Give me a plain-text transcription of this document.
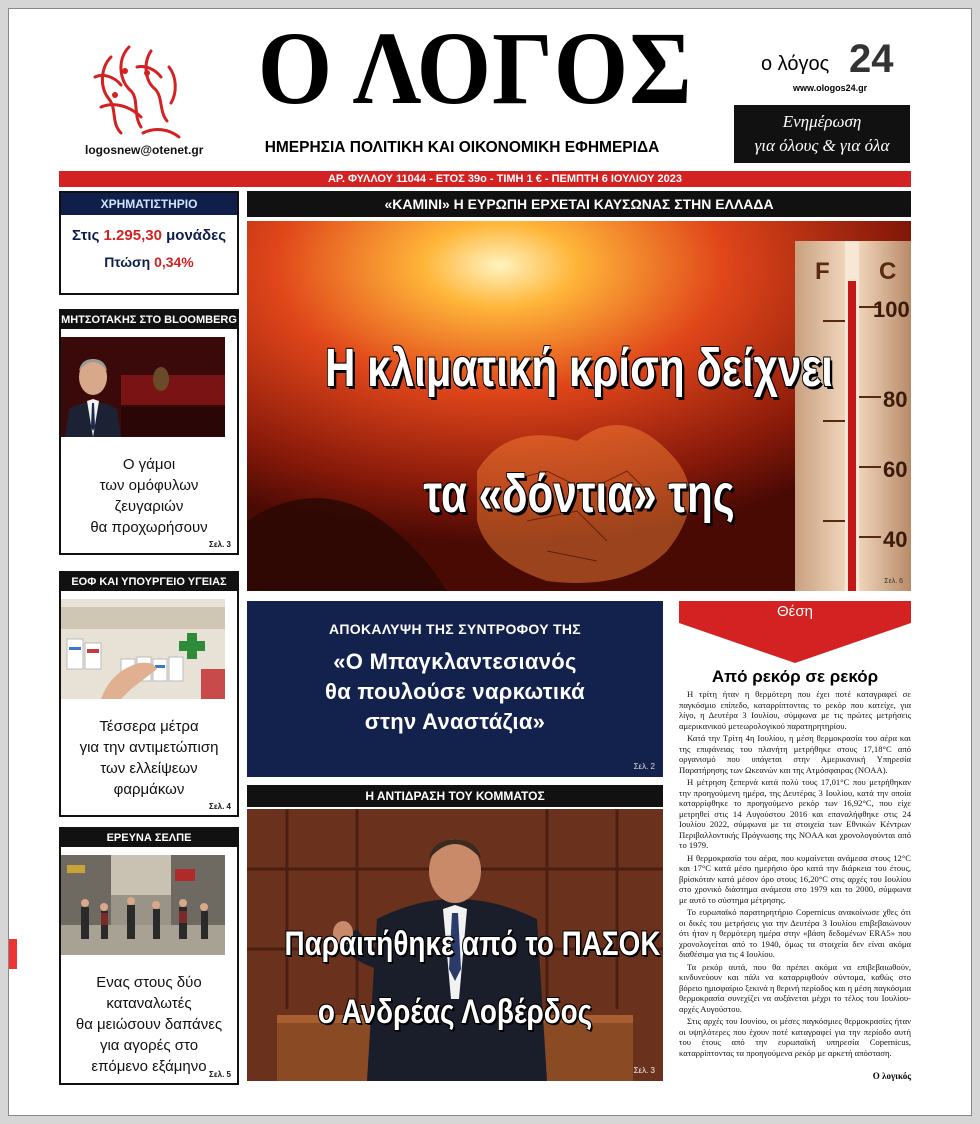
logosnew@otenet.gr
Ο ΛΟΓΟΣ
ΗΜΕΡΗΣΙΑ ΠΟΛΙΤΙΚΗ ΚΑΙ ΟΙΚΟΝΟΜΙΚΗ ΕΦΗΜΕΡΙΔΑ
ο λόγος 24
www.ologos24.gr
Ενημέρωση
για όλους & για όλα
ΑΡ. ΦΥΛΛΟΥ 11044 - ΕΤΟΣ 39ο - ΤΙΜΗ 1 € - ΠΕΜΠΤΗ 6 ΙΟΥΛΙΟΥ 2023
ΧΡΗΜΑΤΙΣΤΗΡΙΟ
Στις 1.295,30 μονάδες
Πτώση 0,34%
ΜΗΤΣΟΤΑΚΗΣ ΣΤΟ BLOOMBERG
Ο γάμοι
των ομόφυλων
ζευγαριών
θα προχωρήσουν
Σελ. 3
ΕΟΦ ΚΑΙ ΥΠΟΥΡΓΕΙΟ ΥΓΕΙΑΣ
Τέσσερα μέτρα
για την αντιμετώπιση
των ελλείψεων
φαρμάκων
Σελ. 4
ΕΡΕΥΝΑ ΣΕΛΠΕ
Ενας στους δύο
καταναλωτές
θα μειώσουν δαπάνες
για αγορές στο
επόμενο εξάμηνο Σελ. 5
«ΚΑΜΙΝΙ» Η ΕΥΡΩΠΗ ΕΡΧΕΤΑΙ ΚΑΥΣΩΝΑΣ ΣΤΗΝ ΕΛΛΑΔΑ
F C
100
80
60
40
Η κλιματική κρίση δείχνει
τα «δόντια» της
Σελ. 6
ΑΠΟΚΑΛΥΨΗ ΤΗΣ ΣΥΝΤΡΟΦΟΥ ΤΗΣ
«Ο Μπαγκλαντεσιανός
θα πουλούσε ναρκωτικά
στην Αναστάζια»
Σελ. 2
Η ΑΝΤΙΔΡΑΣΗ ΤΟΥ ΚΟΜΜΑΤΟΣ
Παραιτήθηκε από το ΠΑΣΟΚ
ο Ανδρέας Λοβέρδος
Σελ. 3
Θέση
Από ρεκόρ σε ρεκόρ

Η τρίτη ήταν η θερμότερη που έχει ποτέ καταγραφεί σε παγκόσμιο επίπεδο, καταρρίπτοντας το ρεκόρ που κατείχε, για λίγο, η Δευτέρα 3 Ιουλίου, σύμφωνα με τις πρώτες μετρήσεις αμερικανικού μετεωρολογικού παρατηρητηρίου.

Κατά την Τρίτη 4η Ιουλίου, η μέση θερμοκρασία του αέρα και της επιφάνειας του πλανήτη μετρήθηκε στους 17,18°C από οργανισμό που υπάγεται στην Αμερικανική Υπηρεσία Παρατήρησης των Ωκεανών και της Ατμόσφαιρας (NOAA).

Η μέτρηση ξεπερνά κατά πολύ τους 17,01°C που μετρήθηκαν την προηγούμενη ημέρα, της Δευτέρας 3 Ιουλίου, κατά την οποία καταρρίφθηκε το προηγούμενο ρεκόρ των 16,92°C, που είχε μετρηθεί στις 14 Αυγούστου 2016 και επαναλήφθηκε στις 24 Ιουλίου 2022, σύμφωνα με τα στοιχεία των Εθνικών Κέντρων Περιβαλλοντικής Πρόγνωσης της NOAA και χρονολογούνται από το 1979.

Η θερμοκρασία του αέρα, που κυμαίνεται ανάμεσα στους 12°C και 17°C κατά μέσο ημερήσιο όρο κατά την διάρκεια του έτους, βρίσκόταν κατά μέσον όρο στους 16,20°C στις αρχές του Ιουλίου στο χρονικό διάστημα ανάμεσα στο 1979 και το 2000, σύμφωνα με αυτό το σύστημα μέτρησης.

Το ευρωπαϊκό παρατηρητήριο Copernicus ανακοίνωσε χθες ότι οι δικές του μετρήσεις για την Δευτέρα 3 Ιουλίου επιβεβαιώνουν ότι ήταν η θερμότερη ημέρα στην «βάση δεδομένων ERA5» που χρονολογείται από το 1940, όμως τα στοιχεία δεν είναι ακόμα διαθέσιμα για τις 4 Ιουλίου.

Τα ρεκόρ αυτά, που θα πρέπει ακόμα να επιβεβαιωθούν, κινδυνεύουν και πάλι να καταρριφθούν σύντομα, καθώς στο βόρειο ημισφαίριο ξεκινά η θερινή περίοδος και η μέση παγκόσμια θερμοκρασία συνεχίζει να αυξάνεται μέχρι το τέλος του Ιουλίου-αρχές Αυγούστου.

Στις αρχές του Ιουνίου, οι μέσες παγκόσμιες θερμοκρασίες ήταν οι υψηλότερες που έχουν ποτέ καταγραφεί για την περίοδο αυτή του έτους από την ευρωπαϊκή υπηρεσία Copernicus, καταρρίπτοντας τα προηγούμενα ρεκόρ με αρκετή απόσταση.

Ο λογικός
